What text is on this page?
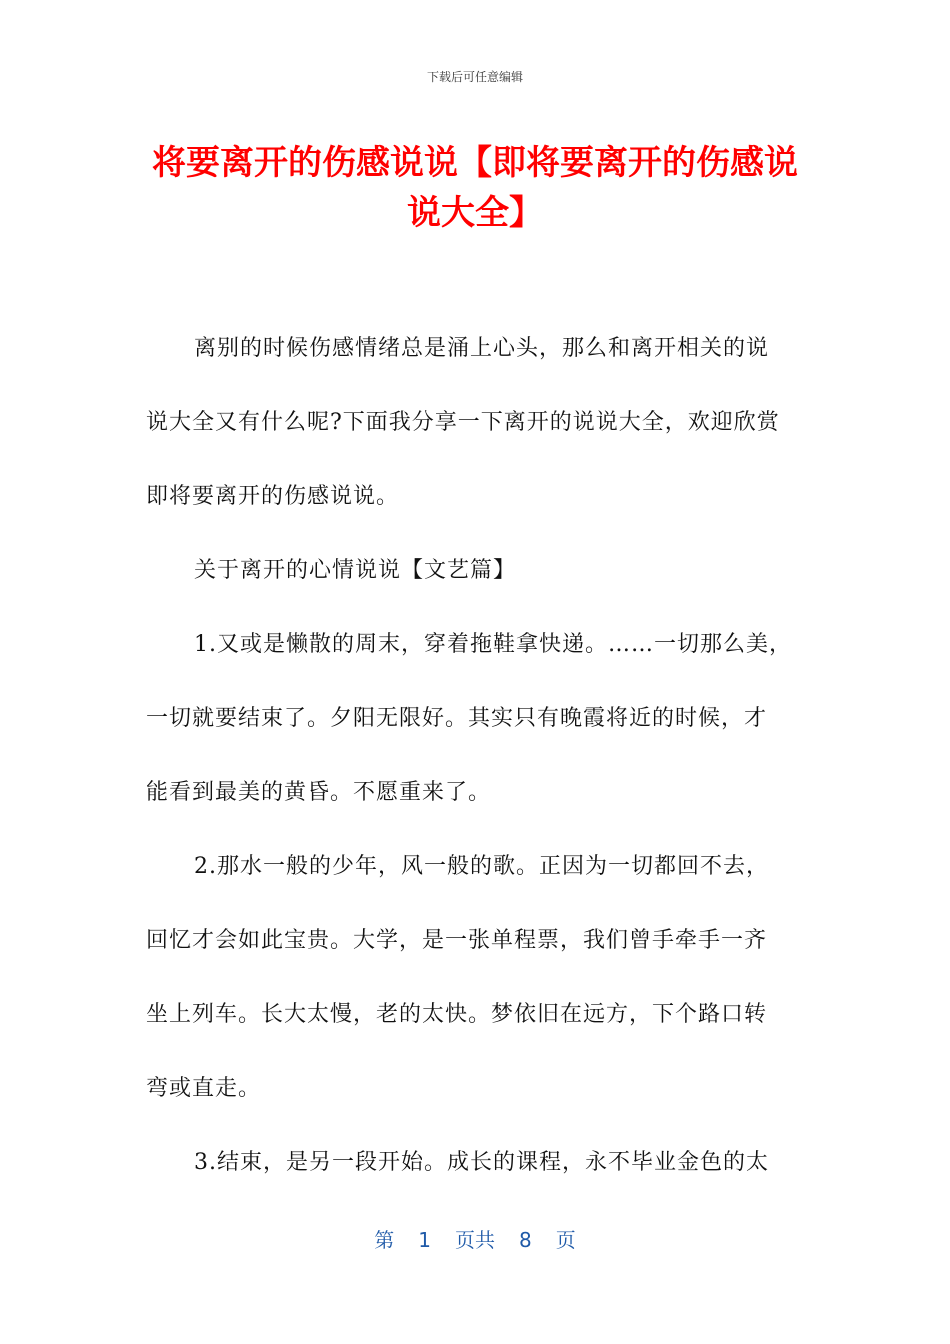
下载后可任意编辑
将要离开的伤感说说【即将要离开的伤感说说大全】
离别的时候伤感情绪总是涌上心头，那么和离开相关的说
说大全又有什么呢?下面我分享一下离开的说说大全，欢迎欣赏
即将要离开的伤感说说。
关于离开的心情说说【文艺篇】
1.又或是懒散的周末，穿着拖鞋拿快递。……一切那么美，
一切就要结束了。夕阳无限好。其实只有晚霞将近的时候，才
能看到最美的黄昏。不愿重来了。
2.那水一般的少年，风一般的歌。正因为一切都回不去，
回忆才会如此宝贵。大学，是一张单程票，我们曾手牵手一齐
坐上列车。长大太慢，老的太快。梦依旧在远方，下个路口转
弯或直走。
3.结束，是另一段开始。成长的课程，永不毕业金色的太
第 1 页共 8 页
